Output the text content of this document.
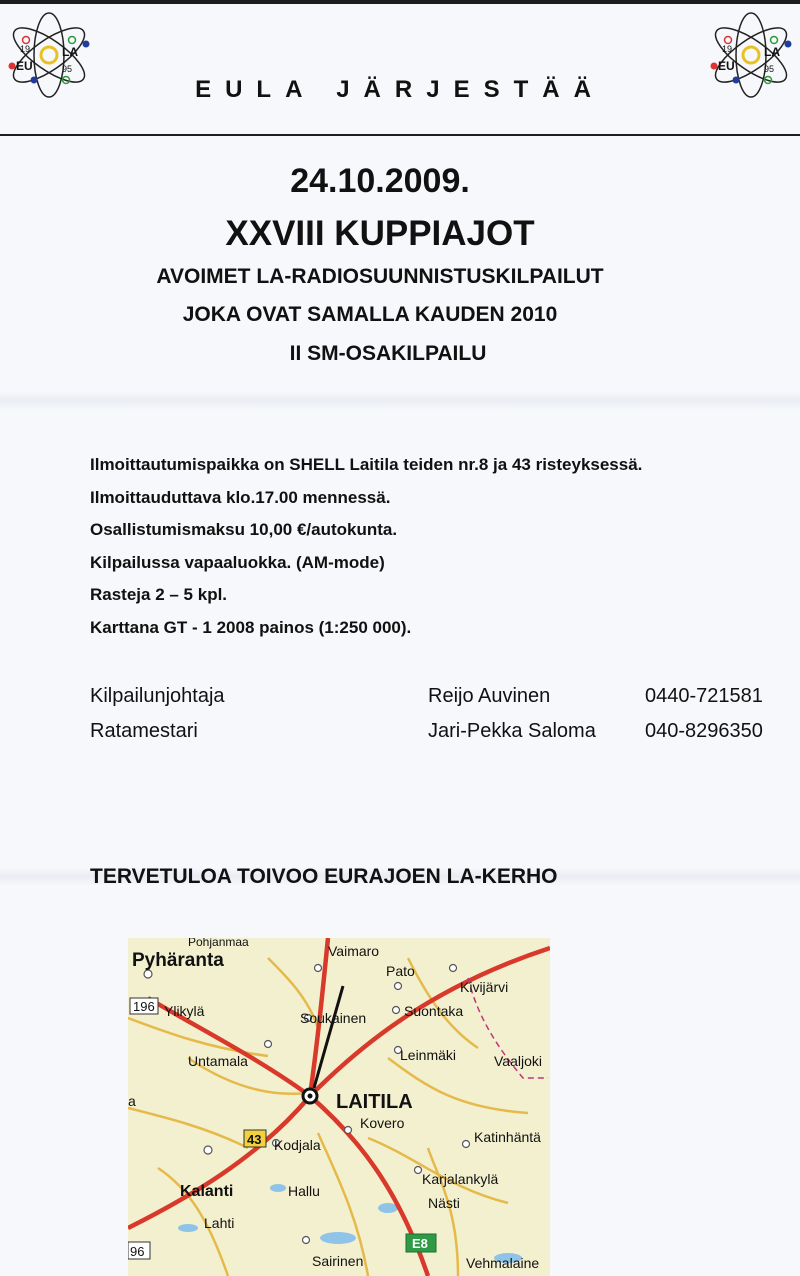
19
EU
LA
95
19
EU
LA
95
EULA JÄRJESTÄÄ
24.10.2009.
XXVIII KUPPIAJOT
AVOIMET LA-RADIOSUUNNISTUSKILPAILUT
JOKA OVAT SAMALLA KAUDEN 2010
II SM-OSAKILPAILU
Ilmoittautumispaikka on SHELL Laitila teiden nr.8 ja 43 risteyksessä.
Ilmoittauduttava klo.17.00 mennessä.
Osallistumismaksu 10,00 €/autokunta.
Kilpailussa vapaaluokka. (AM-mode)
Rasteja 2 – 5 kpl.
Karttana GT - 1 2008 painos (1:250 000).
Kilpailunjohtaja	Reijo Auvinen	0440-721581
Ratamestari	Jari-Pekka Saloma 040-8296350
TERVETULOA TOIVOO EURAJOEN LA-KERHO
196
43
E8
96
Pohjanmaa
Pyhäranta	Vaimaro
Pato
Kivijärvi
Ylikylä	Soukainen	Suontaka
Untamala	Leinmäki	Vaaljoki
LAITILA
Kovero
Kodjala	Katinhäntä
Kalanti	Hallu
Karjalankylä
Nästi
Lahti
Sairinen	Vehmalaine
a
